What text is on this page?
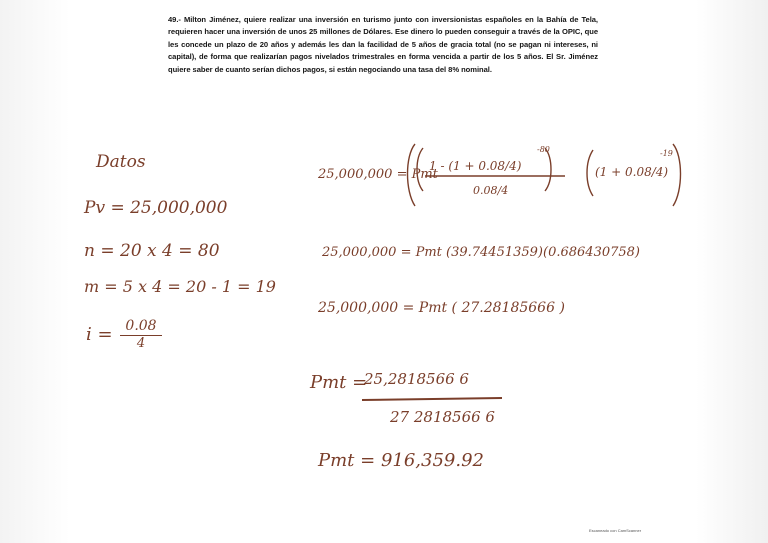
49.- Milton Jiménez, quiere realizar una inversión en turismo junto con inversionistas españoles en la Bahía de Tela, requieren hacer una inversión de unos 25 millones de Dólares. Ese dinero lo pueden conseguir a través de la OPIC, que les concede un plazo de 20 años y además les dan la facilidad de 5 años de gracia total (no se pagan ni intereses, ni capital), de forma que realizarían pagos nivelados trimestrales en forma vencida a partir de los 5 años. El Sr. Jiménez quiere saber de cuanto serían dichos pagos, si están negociando una tasa del 8% nominal.
Datos
Pv = 25,000,000
n = 20 x 4 = 80
m = 5 x 4 = 20 - 1 = 19
$i = \frac{0.08}{4}$
25,000,000 = Pmt
1 - (1 + 0.08/4)
-80
0.08/4
(1 + 0.08/4)
-19
25,000,000 = Pmt (39.74451359)(0.686430758)
25,000,000 = Pmt ( 27.28185666 )
Pmt =
25,2818566 6
27 2818566 6
Pmt = 916,359.92
Escaneado con CamScanner
